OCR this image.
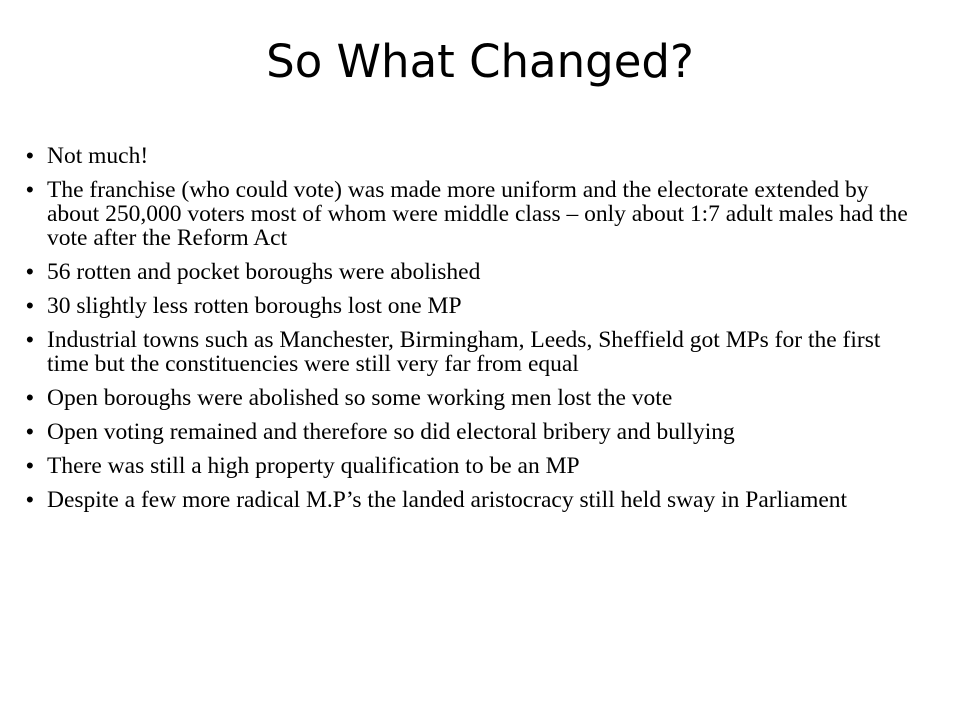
So What Changed?
• Not much!
• The franchise (who could vote) was made more uniform and the electorate extended by about 250,000 voters most of whom were middle class – only about 1:7 adult males had the vote after the Reform Act
• 56 rotten and pocket boroughs were abolished
• 30 slightly less rotten boroughs lost one MP
• Industrial towns such as Manchester, Birmingham, Leeds, Sheffield got MPs for the first time but the constituencies were still very far from equal
• Open boroughs were abolished so some working men lost the vote
• Open voting remained and therefore so did electoral bribery and bullying
• There was still a high property qualification to be an MP
• Despite a few more radical M.P’s the landed aristocracy still held sway in Parliament
